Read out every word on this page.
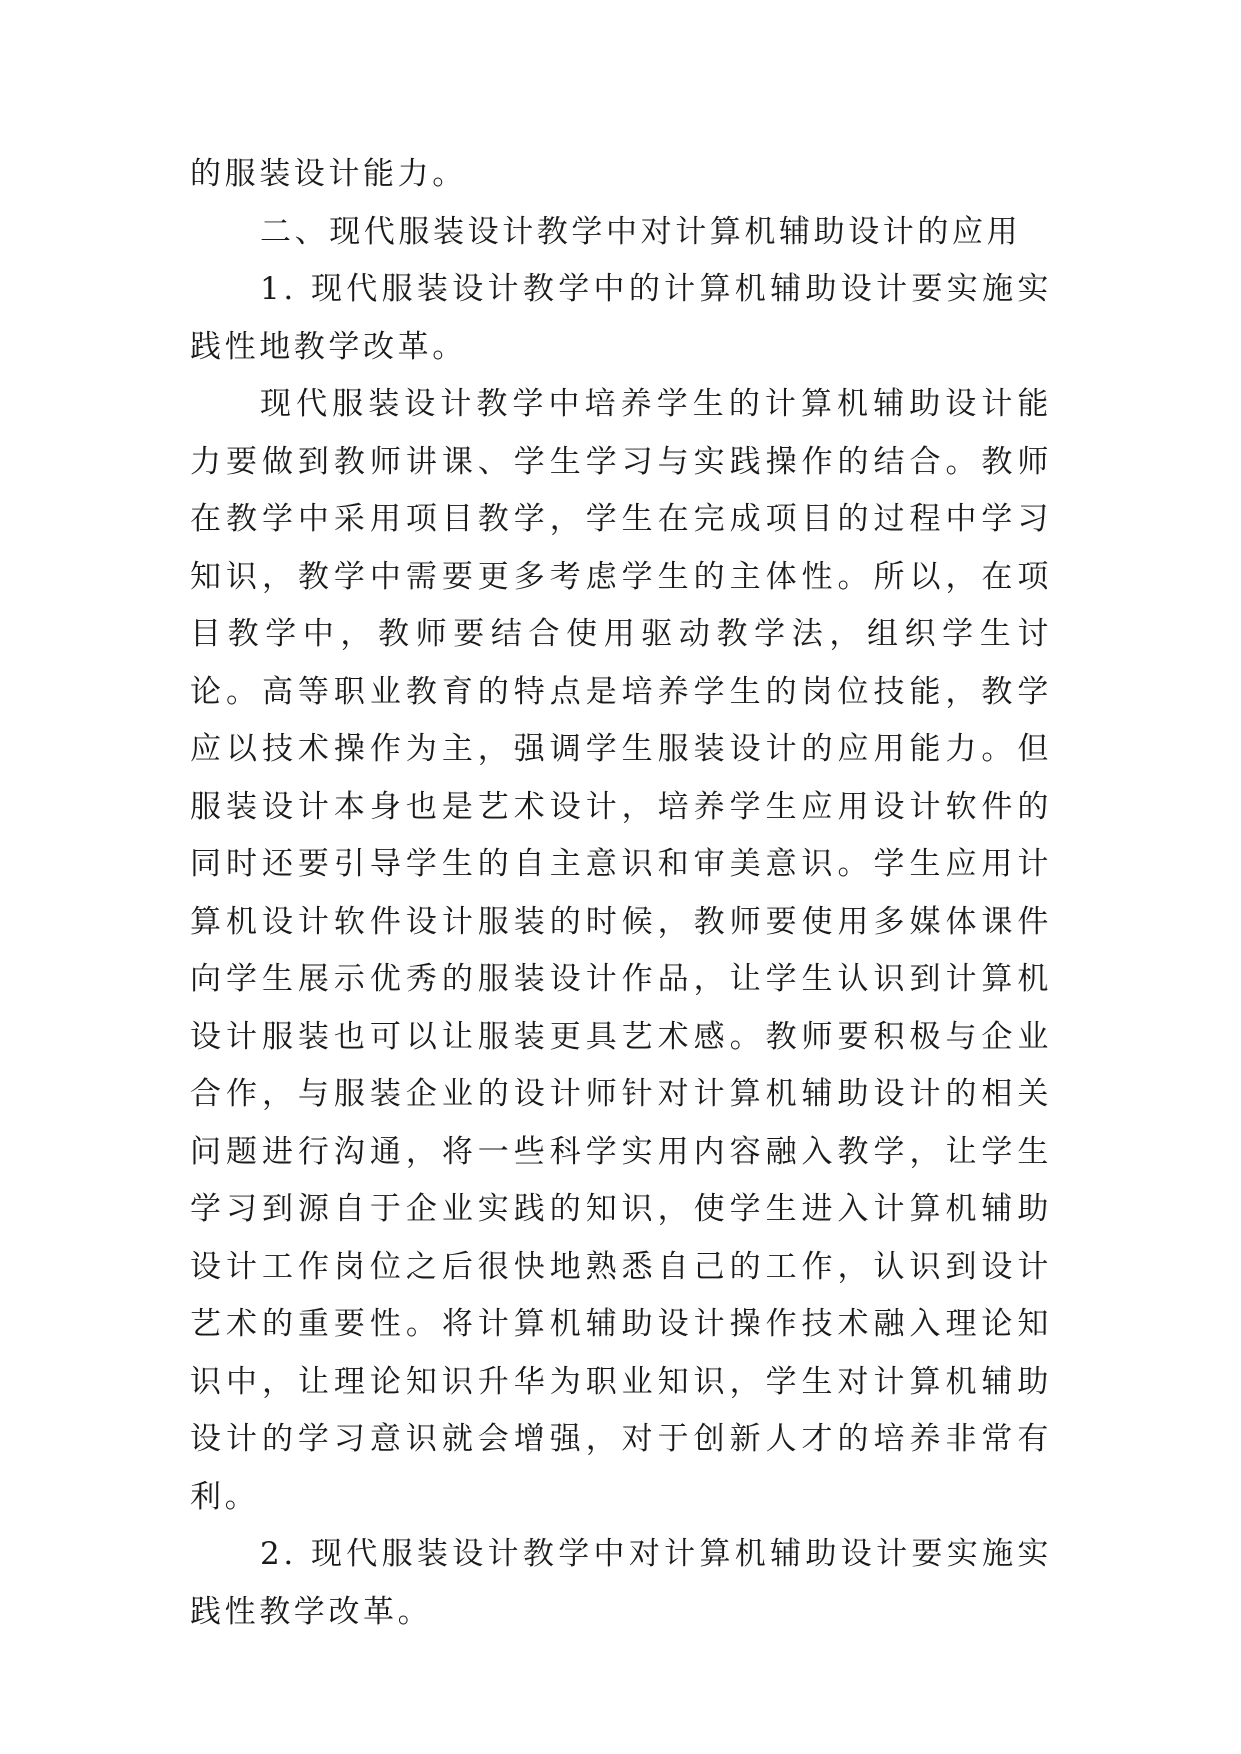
的服装设计能力。

二、现代服装设计教学中对计算机辅助设计的应用

1. 现代服装设计教学中的计算机辅助设计要实施实践性地教学改革。

现代服装设计教学中培养学生的计算机辅助设计能力要做到教师讲课、学生学习与实践操作的结合。教师在教学中采用项目教学，学生在完成项目的过程中学习知识，教学中需要更多考虑学生的主体性。所以，在项目教学中，教师要结合使用驱动教学法，组织学生讨论。高等职业教育的特点是培养学生的岗位技能，教学应以技术操作为主，强调学生服装设计的应用能力。但服装设计本身也是艺术设计，培养学生应用设计软件的同时还要引导学生的自主意识和审美意识。学生应用计算机设计软件设计服装的时候，教师要使用多媒体课件向学生展示优秀的服装设计作品，让学生认识到计算机设计服装也可以让服装更具艺术感。教师要积极与企业合作，与服装企业的设计师针对计算机辅助设计的相关问题进行沟通，将一些科学实用内容融入教学，让学生学习到源自于企业实践的知识，使学生进入计算机辅助设计工作岗位之后很快地熟悉自己的工作，认识到设计艺术的重要性。将计算机辅助设计操作技术融入理论知识中，让理论知识升华为职业知识，学生对计算机辅助设计的学习意识就会增强，对于创新人才的培养非常有利。

2. 现代服装设计教学中对计算机辅助设计要实施实践性教学改革。
